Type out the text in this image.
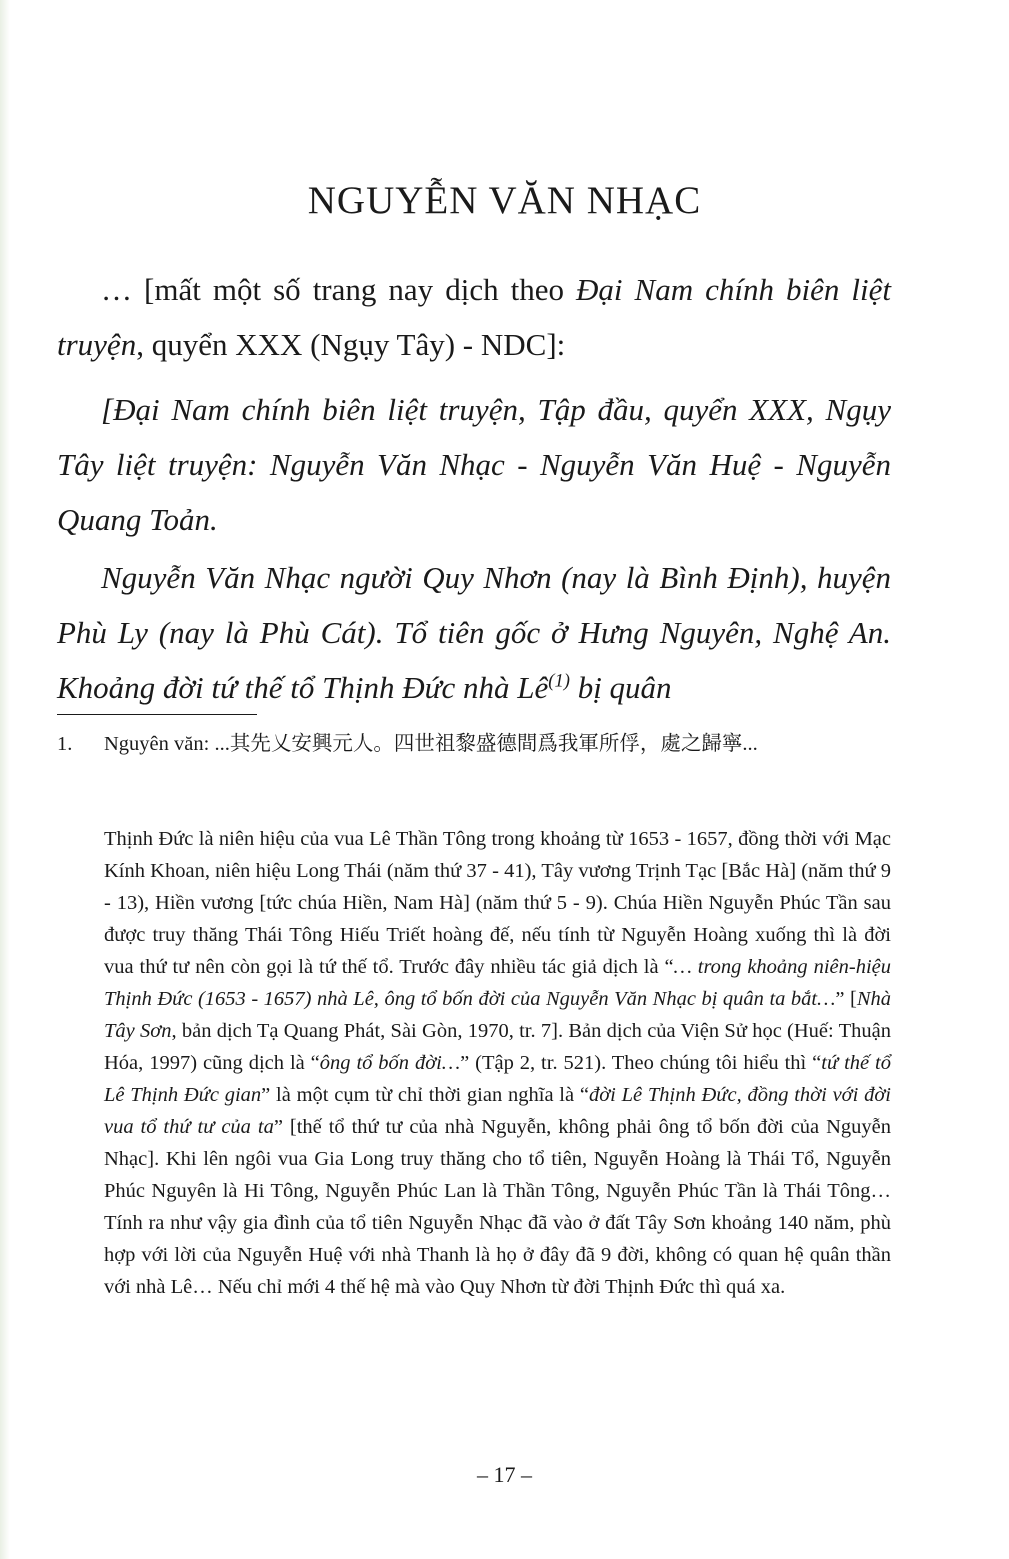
NGUYỄN VĂN NHẠC

… [mất một số trang nay dịch theo Đại Nam chính biên liệt truyện, quyển XXX (Ngụy Tây) - NDC]:

[Đại Nam chính biên liệt truyện, Tập đầu, quyển XXX, Ngụy Tây liệt truyện: Nguyễn Văn Nhạc - Nguyễn Văn Huệ - Nguyễn Quang Toản.

Nguyễn Văn Nhạc người Quy Nhơn (nay là Bình Định), huyện Phù Ly (nay là Phù Cát). Tổ tiên gốc ở Hưng Nguyên, Nghệ An. Khoảng đời tứ thế tổ Thịnh Đức nhà $Lê^{(1)}$ bị quân

1. Nguyên văn: ...其先乂安興元人。四世祖黎盛德間爲我軍所俘，處之歸寧...

Thịnh Đức là niên hiệu của vua Lê Thần Tông trong khoảng từ 1653 - 1657, đồng thời với Mạc Kính Khoan, niên hiệu Long Thái (năm thứ 37 - 41), Tây vương Trịnh Tạc [Bắc Hà] (năm thứ 9 - 13), Hiền vương [tức chúa Hiền, Nam Hà] (năm thứ 5 - 9). Chúa Hiền Nguyễn Phúc Tần sau được truy thăng Thái Tông Hiếu Triết hoàng đế, nếu tính từ Nguyễn Hoàng xuống thì là đời vua thứ tư nên còn gọi là tứ thế tổ. Trước đây nhiều tác giả dịch là “… trong khoảng niên-hiệu Thịnh Đức (1653 - 1657) nhà Lê, ông tổ bốn đời của Nguyễn Văn Nhạc bị quân ta bắt…” [Nhà Tây Sơn, bản dịch Tạ Quang Phát, Sài Gòn, 1970, tr. 7]. Bản dịch của Viện Sử học (Huế: Thuận Hóa, 1997) cũng dịch là “ông tổ bốn đời…” (Tập 2, tr. 521). Theo chúng tôi hiểu thì “tứ thế tổ Lê Thịnh Đức gian” là một cụm từ chỉ thời gian nghĩa là “đời Lê Thịnh Đức, đồng thời với đời vua tổ thứ tư của ta” [thế tổ thứ tư của nhà Nguyễn, không phải ông tổ bốn đời của Nguyễn Nhạc]. Khi lên ngôi vua Gia Long truy thăng cho tổ tiên, Nguyễn Hoàng là Thái Tổ, Nguyễn Phúc Nguyên là Hi Tông, Nguyễn Phúc Lan là Thần Tông, Nguyễn Phúc Tần là Thái Tông… Tính ra như vậy gia đình của tổ tiên Nguyễn Nhạc đã vào ở đất Tây Sơn khoảng 140 năm, phù hợp với lời của Nguyễn Huệ với nhà Thanh là họ ở đây đã 9 đời, không có quan hệ quân thần với nhà Lê… Nếu chỉ mới 4 thế hệ mà vào Quy Nhơn từ đời Thịnh Đức thì quá xa.

– 17 –
